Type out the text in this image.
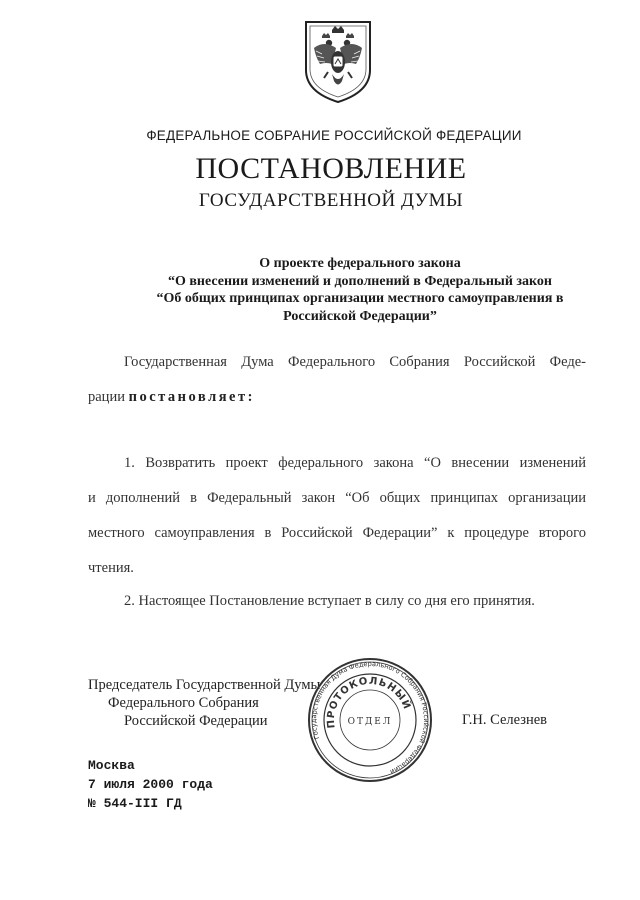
ФЕДЕРАЛЬНОЕ СОБРАНИЕ РОССИЙСКОЙ ФЕДЕРАЦИИ
ПОСТАНОВЛЕНИЕ
ГОСУДАРСТВЕННОЙ ДУМЫ
О проекте федерального закона
“О внесении изменений и дополнений в Федеральный закон
“Об общих принципах организации местного самоуправления в
Российской Федерации”
Государственная Дума Федерального Собрания Российской Феде-
рации постановляет:
1. Возвратить проект федерального закона “О внесении изменений
и дополнений в Федеральный закон “Об общих принципах организации
местного самоуправления в Российской Федерации” к процедуре второго
чтения.
2. Настоящее Постановление вступает в силу со дня его принятия.
Председатель Государственной Думы
Федерального Собрания
Российской Федерации	Г.Н. Селезнев
Государственная Дума Федерального Собрания Российской Федерации
ПРОТОКОЛЬНЫЙ
ОТДЕЛ
Москва
7 июля 2000 года
№ 544-III ГД
